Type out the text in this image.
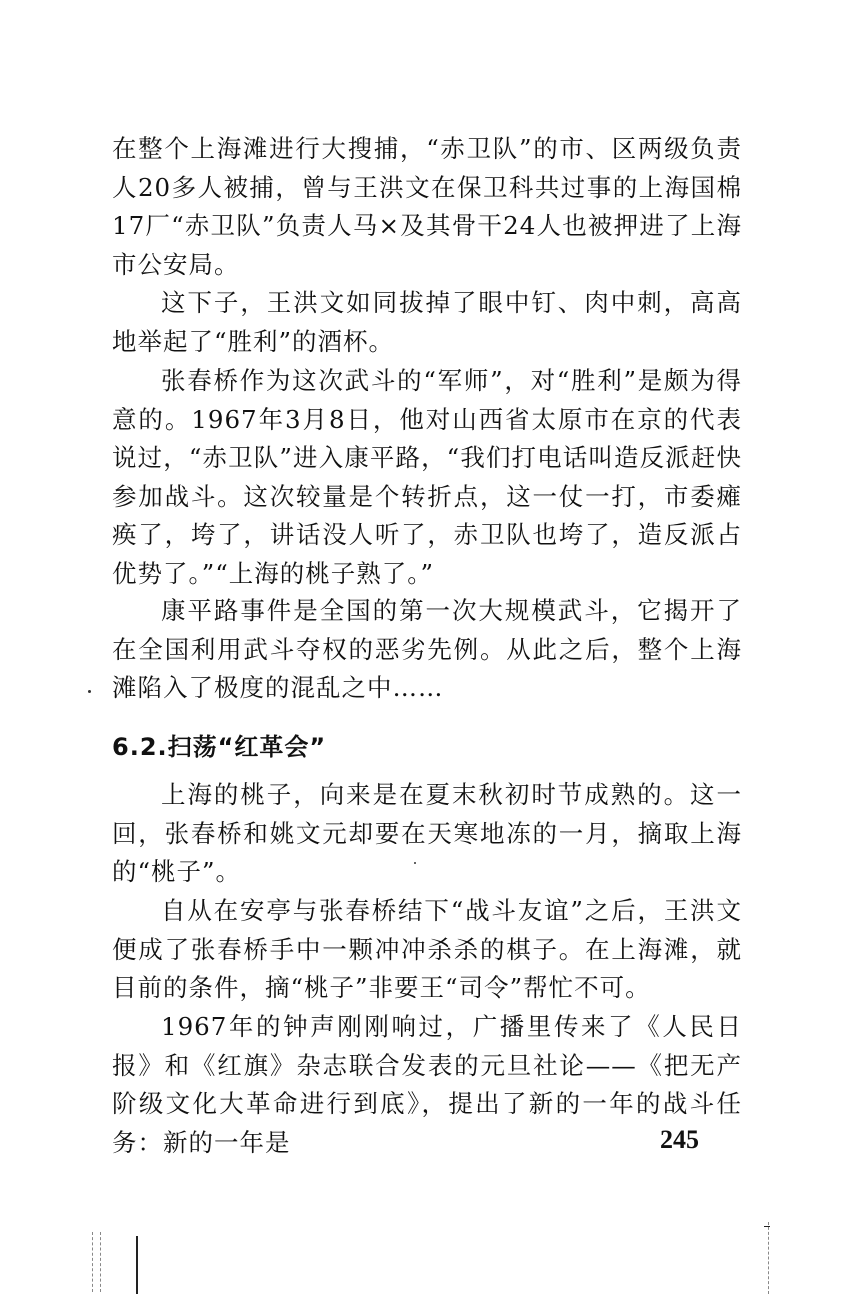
在整个上海滩进行大搜捕，“赤卫队”的市、区两级负责人20多人被捕，曾与王洪文在保卫科共过事的上海国棉17厂“赤卫队”负责人马×及其骨干24人也被押进了上海市公安局。

这下子，王洪文如同拔掉了眼中钉、肉中刺，高高地举起了“胜利”的酒杯。

张春桥作为这次武斗的“军师”，对“胜利”是颇为得意的。1967年3月8日，他对山西省太原市在京的代表说过，“赤卫队”进入康平路，“我们打电话叫造反派赶快参加战斗。这次较量是个转折点，这一仗一打，市委瘫痪了，垮了，讲话没人听了，赤卫队也垮了，造反派占优势了。”“上海的桃子熟了。”

康平路事件是全国的第一次大规模武斗，它揭开了在全国利用武斗夺权的恶劣先例。从此之后，整个上海滩陷入了极度的混乱之中……

6.2.扫荡“红革会”

上海的桃子，向来是在夏末秋初时节成熟的。这一回，张春桥和姚文元却要在天寒地冻的一月，摘取上海的“桃子”。

自从在安亭与张春桥结下“战斗友谊”之后，王洪文便成了张春桥手中一颗冲冲杀杀的棋子。在上海滩，就目前的条件，摘“桃子”非要王“司令”帮忙不可。

1967年的钟声刚刚响过，广播里传来了《人民日报》和《红旗》杂志联合发表的元旦社论——《把无产阶级文化大革命进行到底》，提出了新的一年的战斗任务：新的一年是	245
